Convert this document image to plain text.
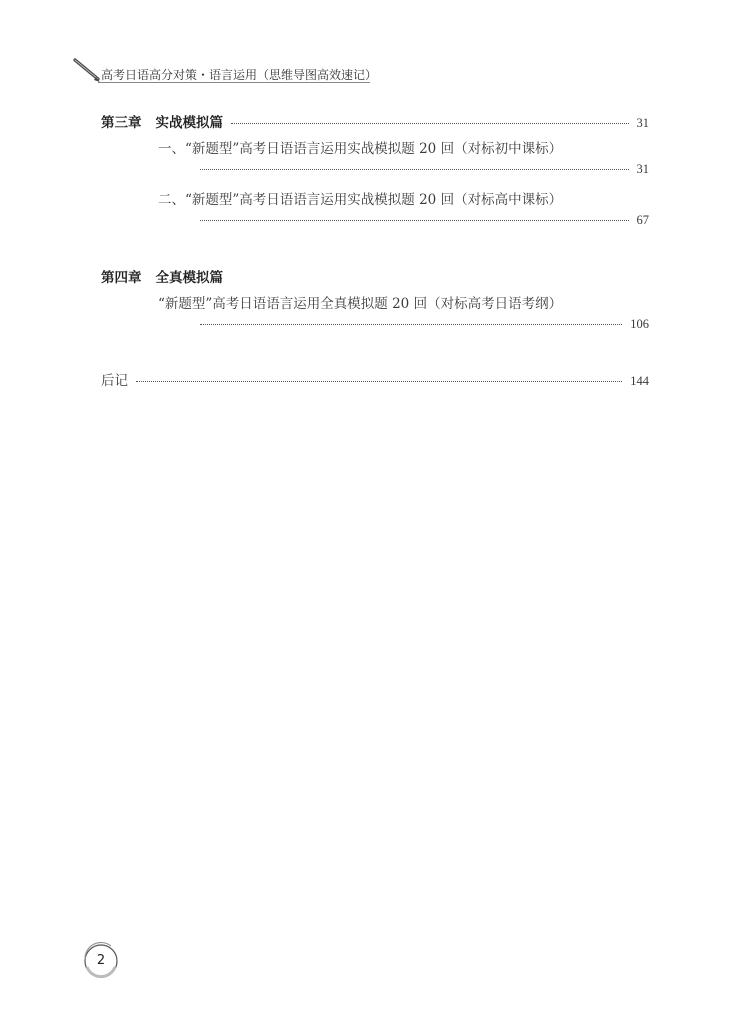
高考日语高分对策・语言运用（思维导图高效速记）
第三章 实战模拟篇	31
一、“新题型”高考日语语言运用实战模拟题 20 回（对标初中课标）
31
二、“新题型”高考日语语言运用实战模拟题 20 回（对标高中课标）
67
第四章 全真模拟篇
“新题型”高考日语语言运用全真模拟题 20 回（对标高考日语考纲）
106
后记	144
2
